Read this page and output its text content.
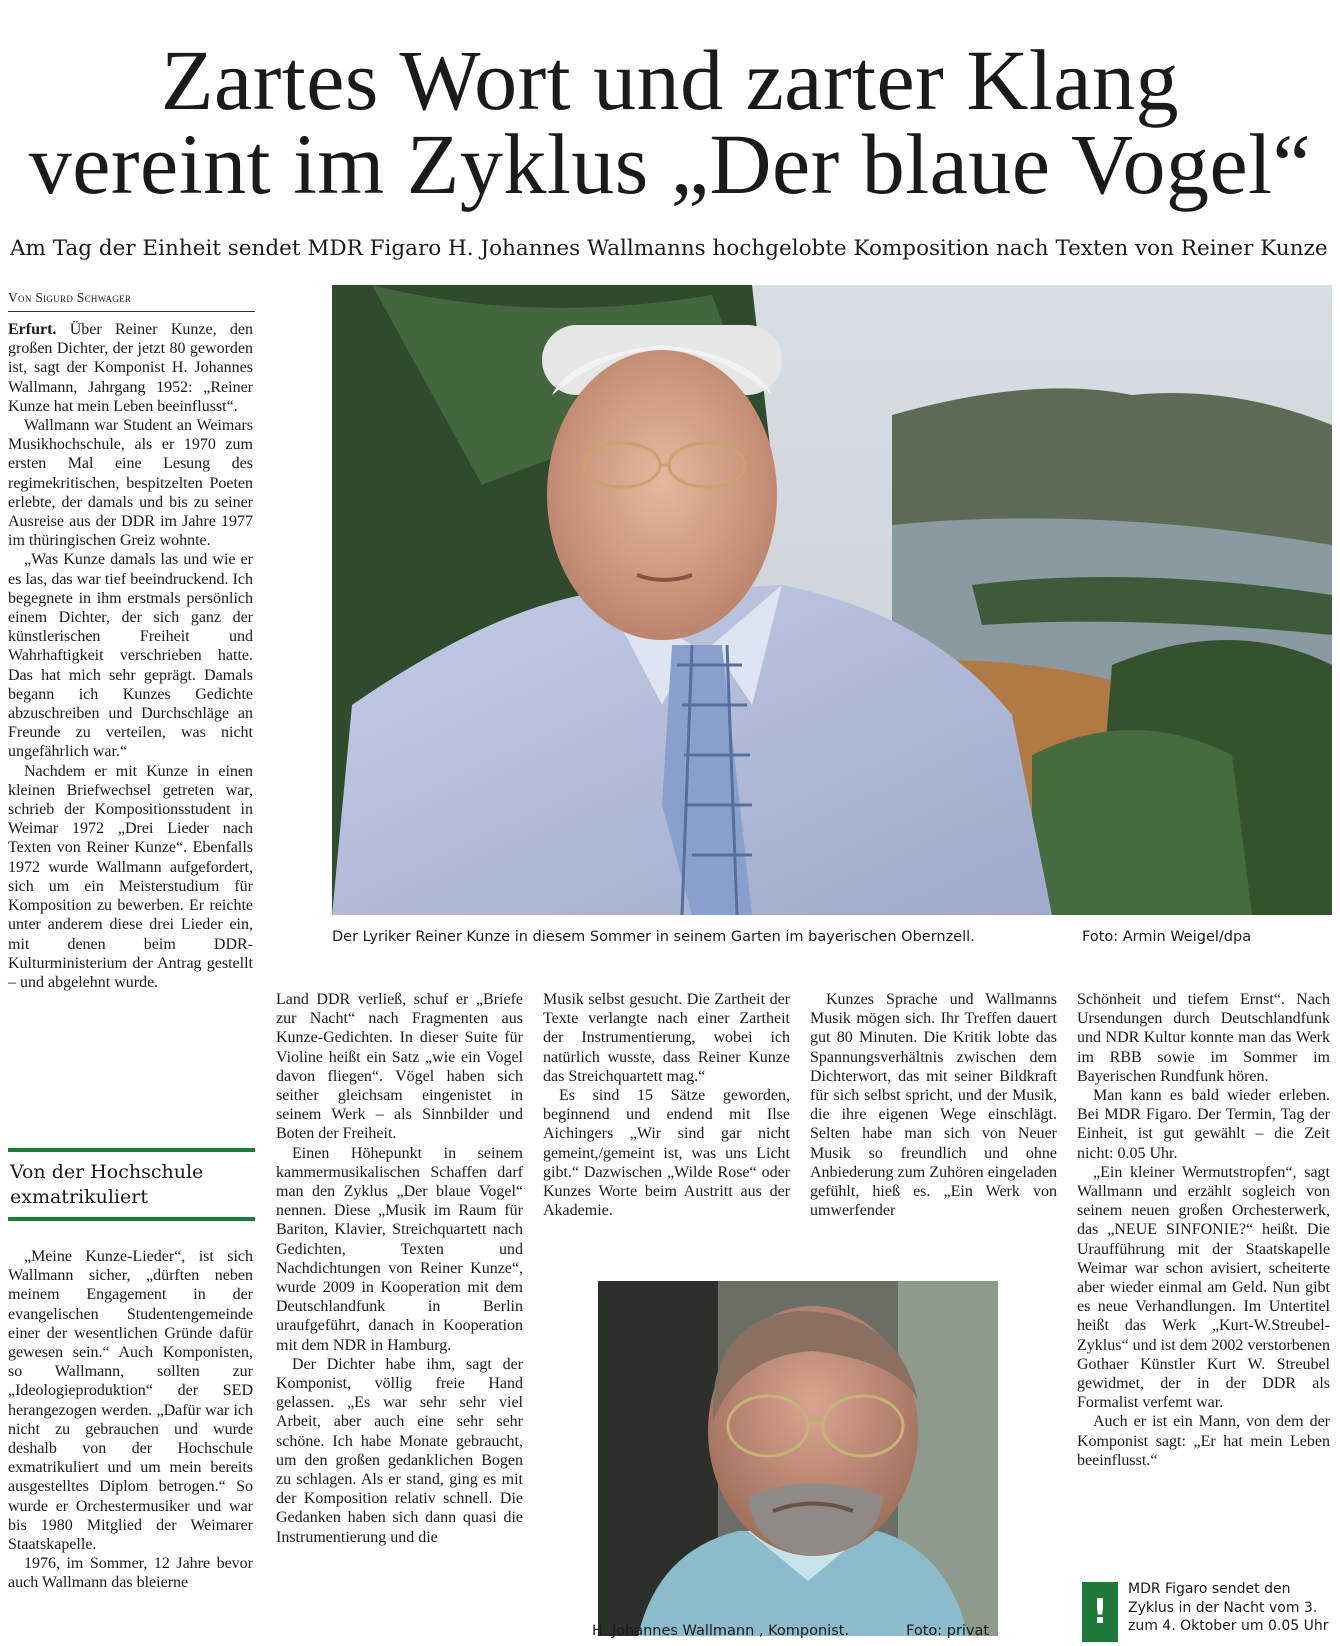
Zartes Wort und zarter Klang
vereint im Zyklus „Der blaue Vogel“
Am Tag der Einheit sendet MDR Figaro H. Johannes Wallmanns hochgelobte Komposition nach Texten von Reiner Kunze
Von Sigurd Schwager

Erfurt. Über Reiner Kunze, den großen Dichter, der jetzt 80 geworden ist, sagt der Komponist H. Johannes Wallmann, Jahrgang 1952: „Reiner Kunze hat mein Leben beeinflusst“.

Wallmann war Student an Weimars Musikhochschule, als er 1970 zum ersten Mal eine Lesung des regimekritischen, bespitzelten Poeten erlebte, der damals und bis zu seiner Ausreise aus der DDR im Jahre 1977 im thüringischen Greiz wohnte.

„Was Kunze damals las und wie er es las, das war tief beeindruckend. Ich begegnete in ihm erstmals persönlich einem Dichter, der sich ganz der künstlerischen Freiheit und Wahrhaftigkeit verschrieben hatte. Das hat mich sehr geprägt. Damals begann ich Kunzes Gedichte abzuschreiben und Durchschläge an Freunde zu verteilen, was nicht ungefährlich war.“

Nachdem er mit Kunze in einen kleinen Briefwechsel getreten war, schrieb der Kompositionsstudent in Weimar 1972 „Drei Lieder nach Texten von Reiner Kunze“. Ebenfalls 1972 wurde Wallmann aufgefordert, sich um ein Meisterstudium für Komposition zu bewerben. Er reichte unter anderem diese drei Lieder ein, mit denen beim DDR-Kulturministerium der Antrag gestellt – und abgelehnt wurde.

Von der Hochschule exmatrikuliert

„Meine Kunze-Lieder“, ist sich Wallmann sicher, „dürften neben meinem Engagement in der evangelischen Studentengemeinde einer der wesentlichen Gründe dafür gewesen sein.“ Auch Komponisten, so Wallmann, sollten zur „Ideologieproduktion“ der SED herangezogen werden. „Dafür war ich nicht zu gebrauchen und wurde deshalb von der Hochschule exmatrikuliert und um mein bereits ausgestelltes Diplom betrogen.“ So wurde er Orchestermusiker und war bis 1980 Mitglied der Weimarer Staatskapelle.

1976, im Sommer, 12 Jahre bevor auch Wallmann das bleierne

Der Lyriker Reiner Kunze in diesem Sommer in seinem Garten im bayerischen Obernzell.	Foto: Armin Weigel/dpa

Land DDR verließ, schuf er „Briefe zur Nacht“ nach Fragmenten aus Kunze-Gedichten. In dieser Suite für Violine heißt ein Satz „wie ein Vogel davon fliegen“. Vögel haben sich seither gleichsam eingenistet in seinem Werk – als Sinnbilder und Boten der Freiheit.

Einen Höhepunkt in seinem kammermusikalischen Schaffen darf man den Zyklus „Der blaue Vogel“ nennen. Diese „Musik im Raum für Bariton, Klavier, Streichquartett nach Gedichten, Texten und Nachdichtungen von Reiner Kunze“, wurde 2009 in Kooperation mit dem Deutschlandfunk in Berlin uraufgeführt, danach in Kooperation mit dem NDR in Hamburg.

Der Dichter habe ihm, sagt der Komponist, völlig freie Hand gelassen. „Es war sehr sehr viel Arbeit, aber auch eine sehr sehr schöne. Ich habe Monate gebraucht, um den großen gedanklichen Bogen zu schlagen. Als er stand, ging es mit der Komposition relativ schnell. Die Gedanken haben sich dann quasi die Instrumentierung und die

Musik selbst gesucht. Die Zartheit der Texte verlangte nach einer Zartheit der Instrumentierung, wobei ich natürlich wusste, dass Reiner Kunze das Streichquartett mag.“

Es sind 15 Sätze geworden, beginnend und endend mit Ilse Aichingers „Wir sind gar nicht gemeint,/gemeint ist, was uns Licht gibt.“ Dazwischen „Wilde Rose“ oder Kunzes Worte beim Austritt aus der Akademie.

Kunzes Sprache und Wallmanns Musik mögen sich. Ihr Treffen dauert gut 80 Minuten. Die Kritik lobte das Spannungsverhältnis zwischen dem Dichterwort, das mit seiner Bildkraft für sich selbst spricht, und der Musik, die ihre eigenen Wege einschlägt. Selten habe man sich von Neuer Musik so freundlich und ohne Anbiederung zum Zuhören eingeladen gefühlt, hieß es. „Ein Werk von umwerfender

Schönheit und tiefem Ernst“. Nach Ursendungen durch Deutschlandfunk und NDR Kultur konnte man das Werk im RBB sowie im Sommer im Bayerischen Rundfunk hören.

Man kann es bald wieder erleben. Bei MDR Figaro. Der Termin, Tag der Einheit, ist gut gewählt – die Zeit nicht: 0.05 Uhr.

„Ein kleiner Wermutstropfen“, sagt Wallmann und erzählt sogleich von seinem neuen großen Orchesterwerk, das „NEUE SINFONIE?“ heißt. Die Uraufführung mit der Staatskapelle Weimar war schon avisiert, scheiterte aber wieder einmal am Geld. Nun gibt es neue Verhandlungen. Im Untertitel heißt das Werk „Kurt-W.Streubel-Zyklus“ und ist dem 2002 verstorbenen Gothaer Künstler Kurt W. Streubel gewidmet, der in der DDR als Formalist verfemt war.

Auch er ist ein Mann, von dem der Komponist sagt: „Er hat mein Leben beeinflusst.“

H. Johannes Wallmann , Komponist.	Foto: privat	!
MDR Figaro sendet den
Zyklus in der Nacht vom 3.
zum 4. Oktober um 0.05 Uhr
